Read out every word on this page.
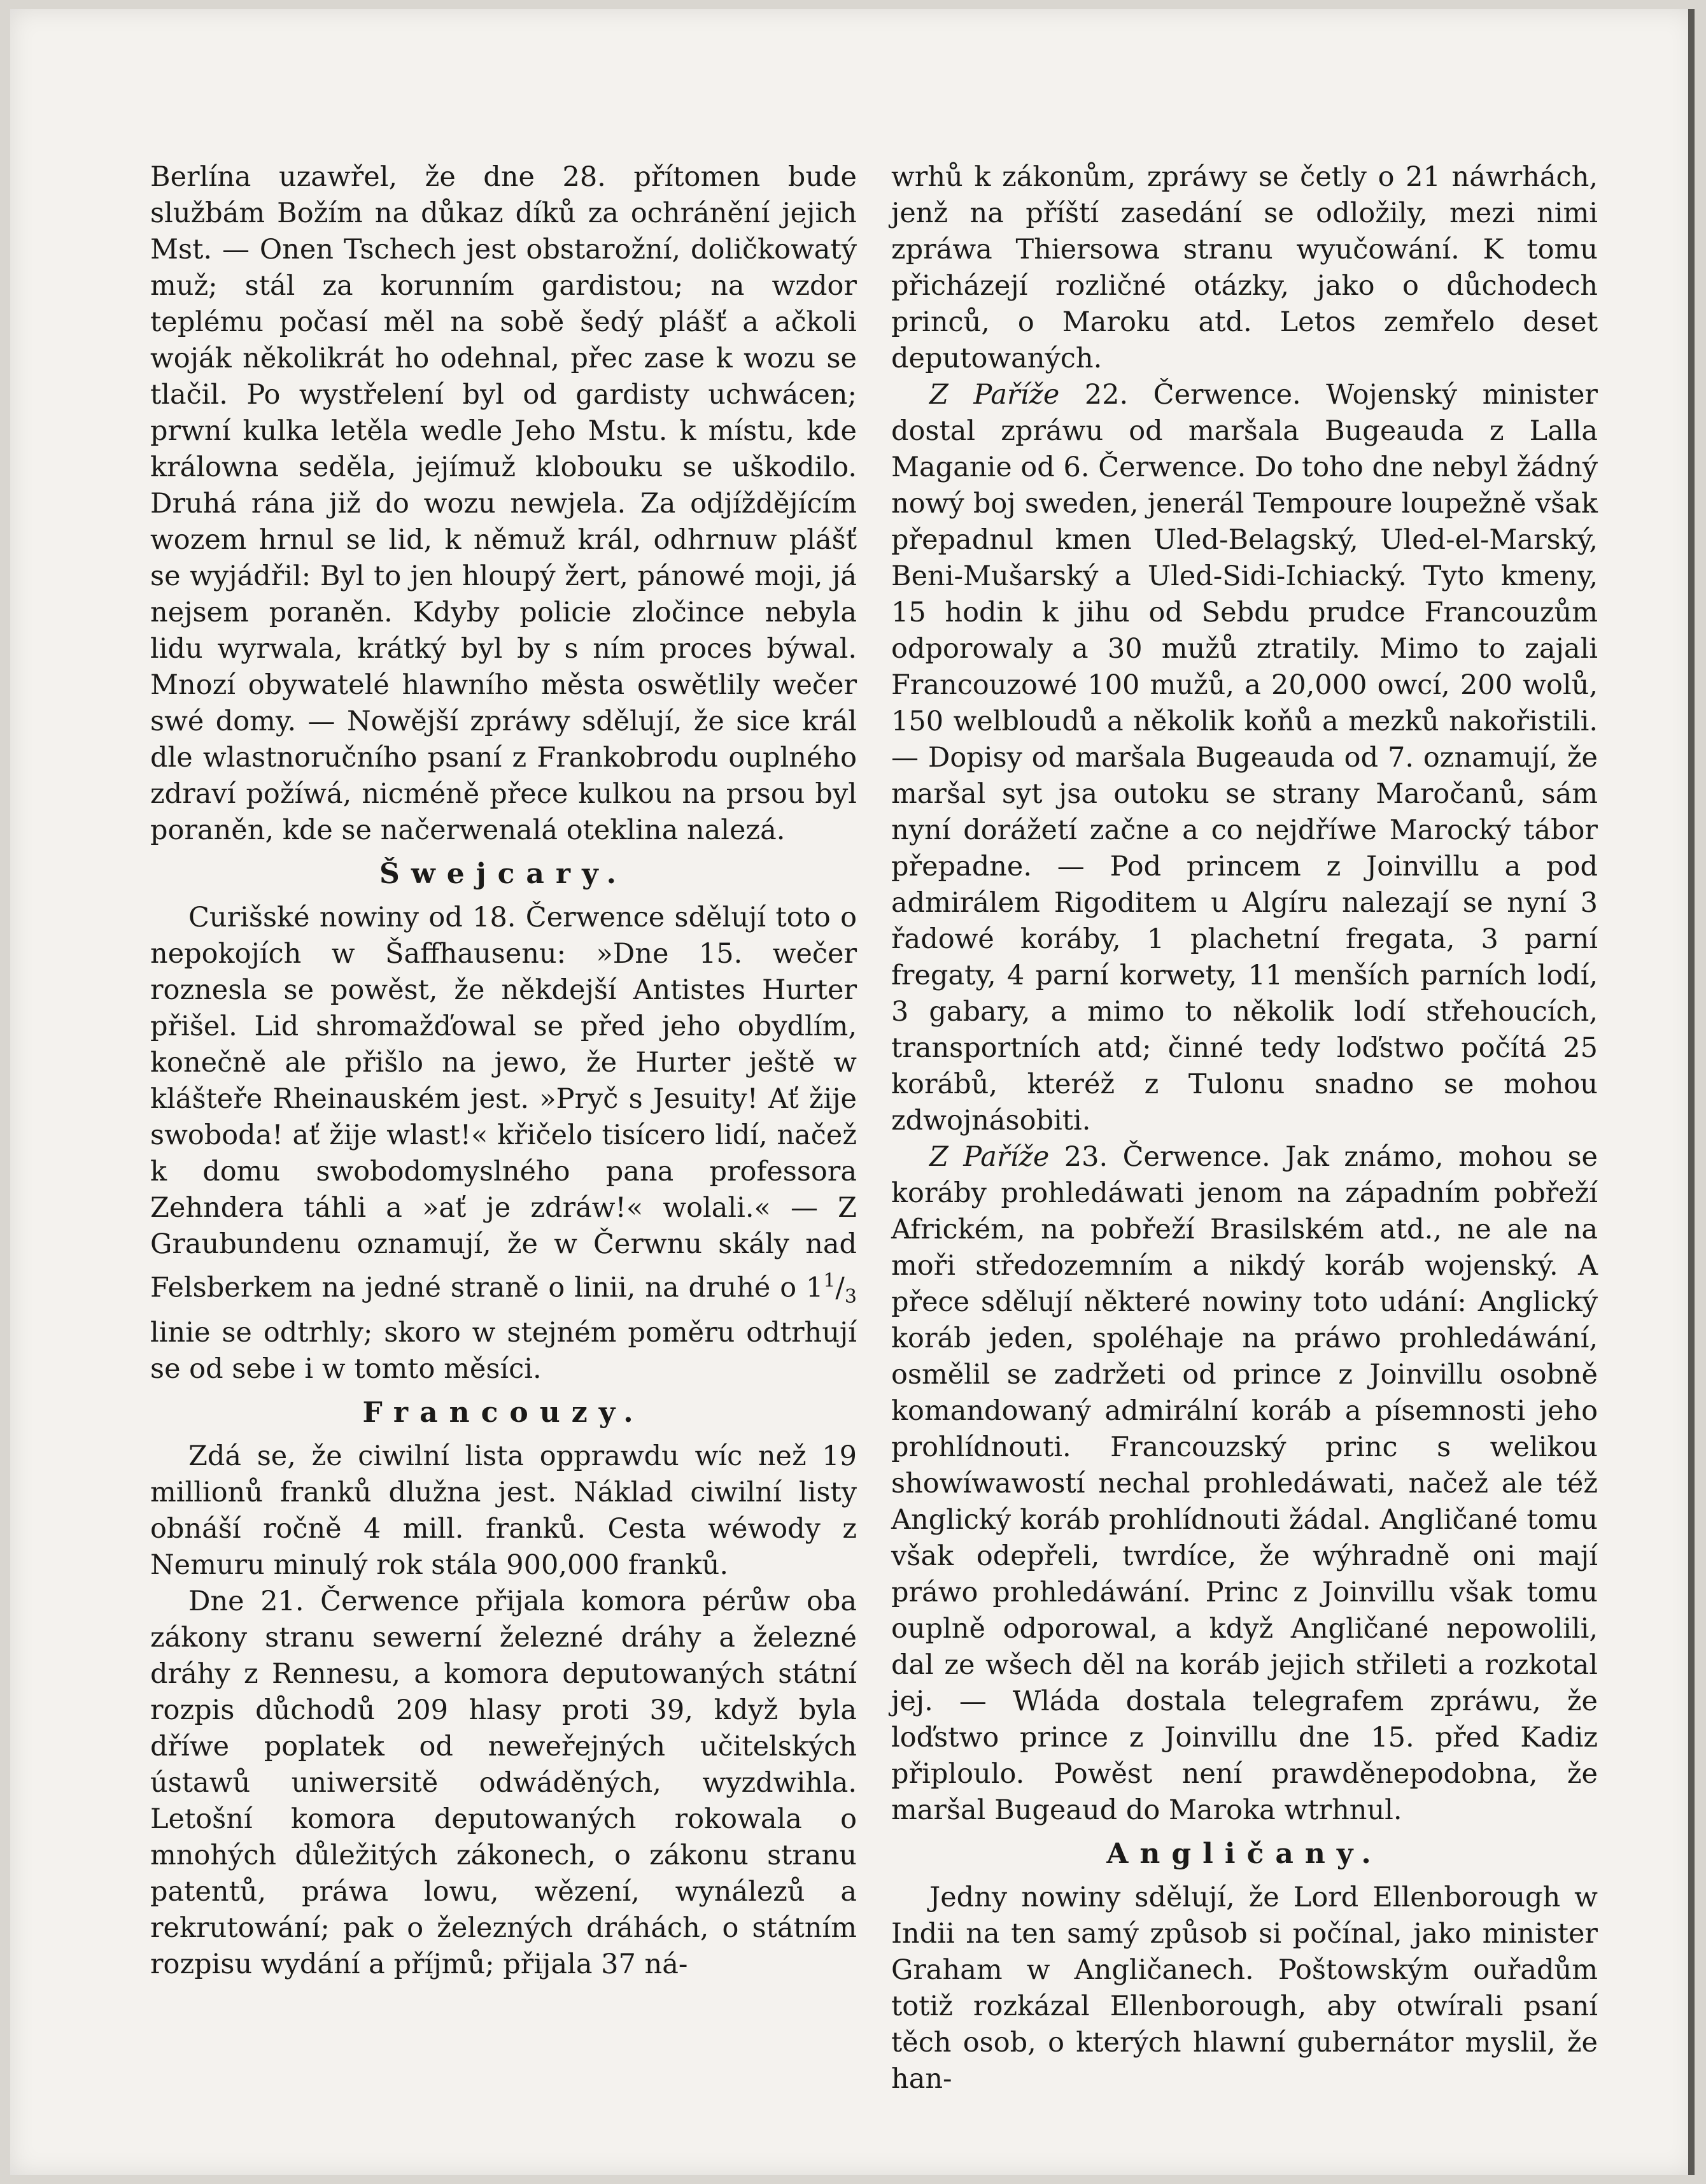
Berlína uzawřel, že dne 28. přítomen bude službám Božím na důkaz díků za ochránění jejich Mst. — Onen Tschech jest obstarožní, doličkowatý muž; stál za korunním gardistou; na wzdor teplému počasí měl na sobě šedý plášť a ačkoli woják několikrát ho odehnal, přec zase k wozu se tlačil. Po wystřelení byl od gardisty uchwácen; prwní kulka letěla wedle Jeho Mstu. k místu, kde králowna seděla, jejímuž klobouku se uškodilo. Druhá rána již do wozu newjela. Za odjíždějícím wozem hrnul se lid, k němuž král, odhrnuw plášť se wyjádřil: Byl to jen hloupý žert, pánowé moji, já nejsem poraněn. Kdyby policie zločince nebyla lidu wyrwala, krátký byl by s ním proces býwal. Mnozí obywatelé hlawního města oswětlily wečer swé domy. — Nowější zpráwy sdělují, že sice král dle wlastnoručního psaní z Frankobrodu ouplného zdraví požíwá, nicméně přece kulkou na prsou byl poraněn, kde se načerwenalá oteklina nalezá.

Šwejcary.

Curišské nowiny od 18. Čerwence sdělují toto o nepokojích w Šaffhausenu: »Dne 15. wečer roznesla se powěst, že někdejší Antistes Hurter přišel. Lid shromažďowal se před jeho obydlím, konečně ale přišlo na jewo, že Hurter ještě w klášteře Rheinauském jest. »Pryč s Jesuity! Ať žije swoboda! ať žije wlast!« křičelo tisícero lidí, načež k domu swobodomyslného pana professora Zehndera táhli a »ať je zdráw!« wolali.« — Z Graubundenu oznamují, že w Čerwnu skály nad Felsberkem na jedné straně o linii, na druhé o $1^1/_3$ linie se odtrhly; skoro w stejném poměru odtrhují se od sebe i w tomto měsíci.

Francouzy.

Zdá se, že ciwilní lista opprawdu wíc než 19 millionů franků dlužna jest. Náklad ciwilní listy obnáší ročně 4 mill. franků. Cesta wéwody z Nemuru minulý rok stála 900,000 franků.

Dne 21. Čerwence přijala komora pérůw oba zákony stranu sewerní železné dráhy a železné dráhy z Rennesu, a komora deputowaných státní rozpis důchodů 209 hlasy proti 39, když byla dříwe poplatek od neweřejných učitelských ústawů uniwersitě odwáděných, wyzdwihla. Letošní komora deputowaných rokowala o mnohých důležitých zákonech, o zákonu stranu patentů, práwa lowu, wězení, wynálezů a rekrutowání; pak o železných dráhách, o státním rozpisu wydání a příjmů; přijala 37 ná-

wrhů k zákonům, zpráwy se četly o 21 náwrhách, jenž na příští zasedání se odložily, mezi nimi zpráwa Thiersowa stranu wyučowání. K tomu přicházejí rozličné otázky, jako o důchodech princů, o Maroku atd. Letos zemřelo deset deputowaných.

Z Paříže 22. Čerwence. Wojenský minister dostal zpráwu od maršala Bugeauda z Lalla Maganie od 6. Čerwence. Do toho dne nebyl žádný nowý boj sweden, jenerál Tempoure loupežně však přepadnul kmen Uled-Belagský, Uled-el-Marský, Beni-Mušarský a Uled-Sidi-Ichiacký. Tyto kmeny, 15 hodin k jihu od Sebdu prudce Francouzům odporowaly a 30 mužů ztratily. Mimo to zajali Francouzowé 100 mužů, a 20,000 owcí, 200 wolů, 150 welbloudů a několik koňů a mezků nakořistili. — Dopisy od maršala Bugeauda od 7. oznamují, že maršal syt jsa outoku se strany Maročanů, sám nyní dorážetí začne a co nejdříwe Marocký tábor přepadne. — Pod princem z Joinvillu a pod admirálem Rigoditem u Algíru nalezají se nyní 3 řadowé koráby, 1 plachetní fregata, 3 parní fregaty, 4 parní korwety, 11 menších parních lodí, 3 gabary, a mimo to několik lodí střehoucích, transportních atd; činné tedy loďstwo počítá 25 korábů, kteréž z Tulonu snadno se mohou zdwojnásobiti.

Z Paříže 23. Čerwence. Jak známo, mohou se koráby prohledáwati jenom na západním pobřeží Africkém, na pobřeží Brasilském atd., ne ale na moři středozemním a nikdý koráb wojenský. A přece sdělují některé nowiny toto udání: Anglický koráb jeden, spoléhaje na práwo prohledáwání, osmělil se zadržeti od prince z Joinvillu osobně komandowaný admirální koráb a písemnosti jeho prohlídnouti. Francouzský princ s welikou showíwawostí nechal prohledáwati, načež ale též Anglický koráb prohlídnouti žádal. Angličané tomu však odepřeli, twrdíce, že wýhradně oni mají práwo prohledáwání. Princ z Joinvillu však tomu ouplně odporowal, a když Angličané nepowolili, dal ze wšech děl na koráb jejich střileti a rozkotal jej. — Wláda dostala telegrafem zpráwu, že loďstwo prince z Joinvillu dne 15. před Kadiz připloulo. Powěst není prawděnepodobna, že maršal Bugeaud do Maroka wtrhnul.

Angličany.

Jedny nowiny sdělují, že Lord Ellenborough w Indii na ten samý způsob si počínal, jako minister Graham w Angličanech. Poštowským ouřadům totiž rozkázal Ellenborough, aby otwírali psaní těch osob, o kterých hlawní gubernátor myslil, že han-
